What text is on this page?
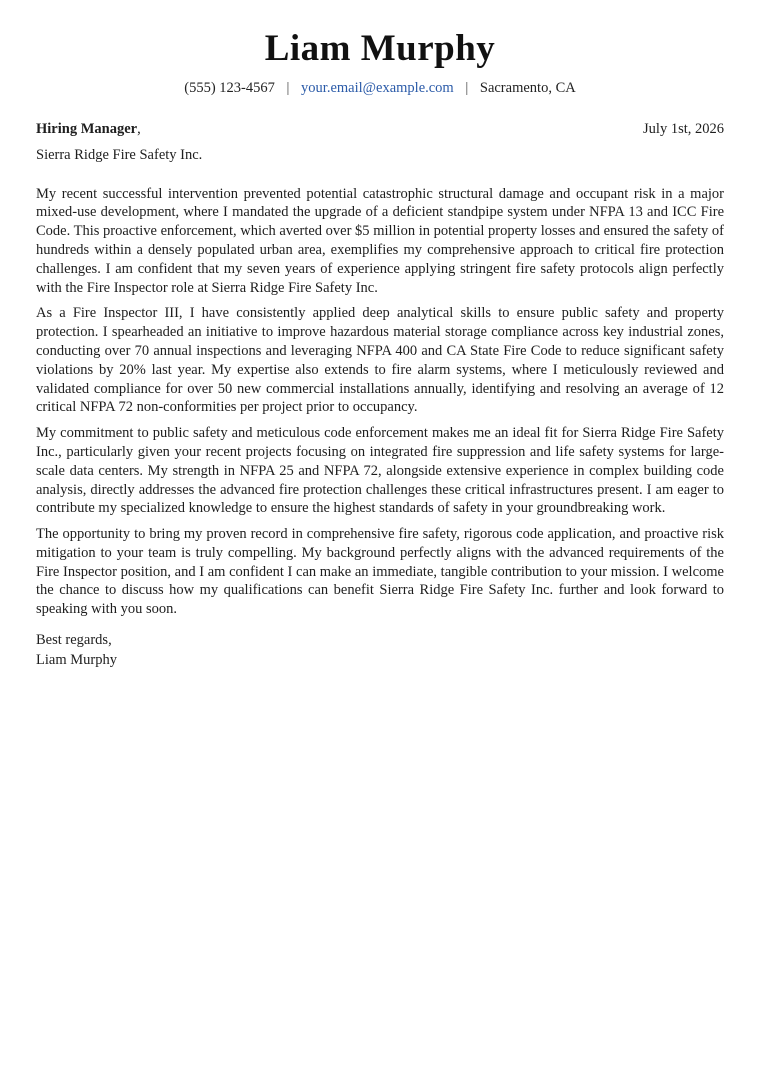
Liam Murphy
(555) 123-4567 | your.email@example.com | Sacramento, CA
Hiring Manager,	July 1st, 2026
Sierra Ridge Fire Safety Inc.

My recent successful intervention prevented potential catastrophic structural damage and occupant risk in a major mixed-use development, where I mandated the upgrade of a deficient standpipe system under NFPA 13 and ICC Fire Code. This proactive enforcement, which averted over $5 million in potential property losses and ensured the safety of hundreds within a densely populated urban area, exemplifies my comprehensive approach to critical fire protection challenges. I am confident that my seven years of experience applying stringent fire safety protocols align perfectly with the Fire Inspector role at Sierra Ridge Fire Safety Inc.

As a Fire Inspector III, I have consistently applied deep analytical skills to ensure public safety and property protection. I spearheaded an initiative to improve hazardous material storage compliance across key industrial zones, conducting over 70 annual inspections and leveraging NFPA 400 and CA State Fire Code to reduce significant safety violations by 20% last year. My expertise also extends to fire alarm systems, where I meticulously reviewed and validated compliance for over 50 new commercial installations annually, identifying and resolving an average of 12 critical NFPA 72 non-conformities per project prior to occupancy.

My commitment to public safety and meticulous code enforcement makes me an ideal fit for Sierra Ridge Fire Safety Inc., particularly given your recent projects focusing on integrated fire suppression and life safety systems for large-scale data centers. My strength in NFPA 25 and NFPA 72, alongside extensive experience in complex building code analysis, directly addresses the advanced fire protection challenges these critical infrastructures present. I am eager to contribute my specialized knowledge to ensure the highest standards of safety in your groundbreaking work.

The opportunity to bring my proven record in comprehensive fire safety, rigorous code application, and proactive risk mitigation to your team is truly compelling. My background perfectly aligns with the advanced requirements of the Fire Inspector position, and I am confident I can make an immediate, tangible contribution to your mission. I welcome the chance to discuss how my qualifications can benefit Sierra Ridge Fire Safety Inc. further and look forward to speaking with you soon.

Best regards,
Liam Murphy
